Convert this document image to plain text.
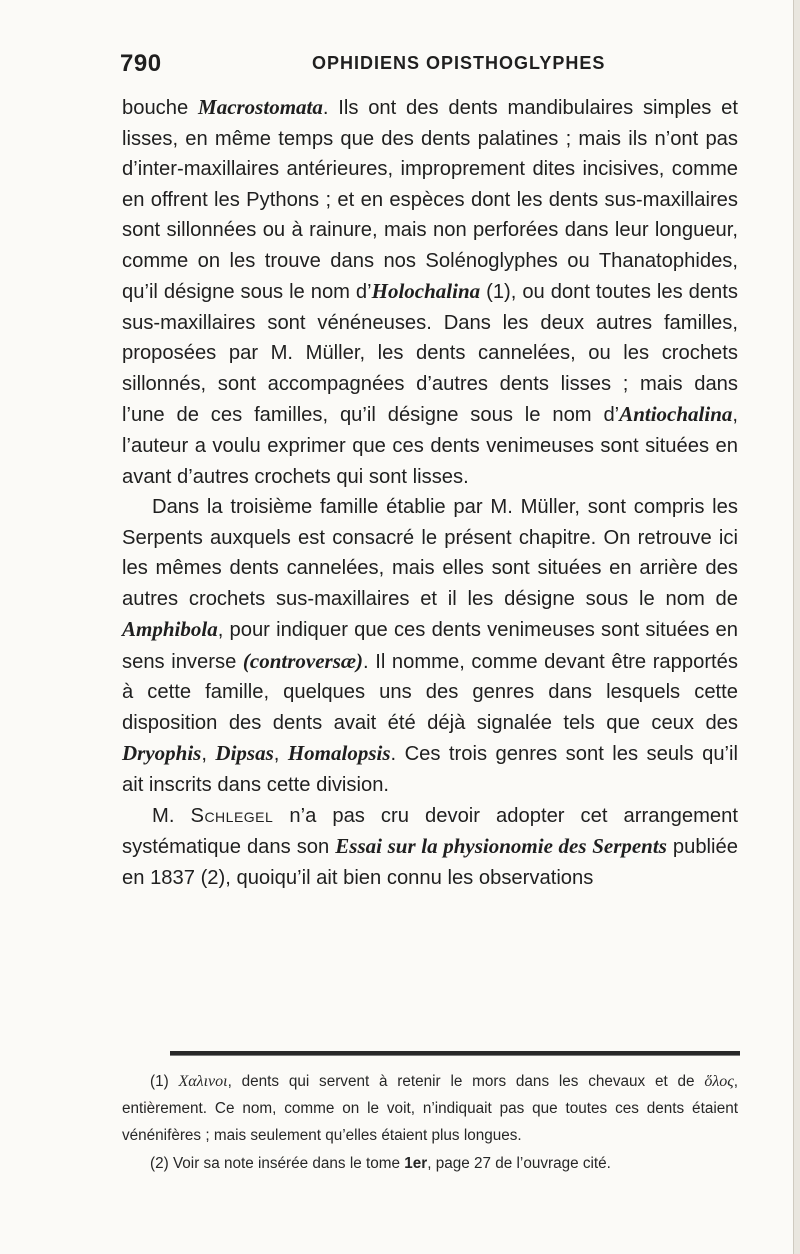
790	OPHIDIENS OPISTHOGLYPHES

bouche Macrostomata. Ils ont des dents mandibulaires simples et lisses, en même temps que des dents palatines ; mais ils n’ont pas d’inter-maxillaires antérieures, improprement dites incisives, comme en offrent les Pythons ; et en espèces dont les dents sus-maxillaires sont sillonnées ou à rainure, mais non perforées dans leur longueur, comme on les trouve dans nos Solénoglyphes ou Thanatophides, qu’il désigne sous le nom d’Holochalina (1), ou dont toutes les dents sus-maxillaires sont vénéneuses. Dans les deux autres familles, proposées par M. Müller, les dents cannelées, ou les crochets sillonnés, sont accompagnées d’autres dents lisses ; mais dans l’une de ces familles, qu’il désigne sous le nom d’Antiochalina, l’auteur a voulu exprimer que ces dents venimeuses sont situées en avant d’autres crochets qui sont lisses.

Dans la troisième famille établie par M. Müller, sont compris les Serpents auxquels est consacré le présent chapitre. On retrouve ici les mêmes dents cannelées, mais elles sont situées en arrière des autres crochets sus-maxillaires et il les désigne sous le nom de Amphibola, pour indiquer que ces dents venimeuses sont situées en sens inverse (controversæ). Il nomme, comme devant être rapportés à cette famille, quelques uns des genres dans lesquels cette disposition des dents avait été déjà signalée tels que ceux des Dryophis, Dipsas, Homalopsis. Ces trois genres sont les seuls qu’il ait inscrits dans cette division.

M. Schlegel n’a pas cru devoir adopter cet arrangement systématique dans son Essai sur la physionomie des Serpents publiée en 1837 (2), quoiqu’il ait bien connu les observations

(1) Χαλινοι, dents qui servent à retenir le mors dans les chevaux et de ὅλος, entièrement. Ce nom, comme on le voit, n’indiquait pas que toutes ces dents étaient vénénifères ; mais seulement qu’elles étaient plus longues.

(2) Voir sa note insérée dans le tome 1er, page 27 de l’ouvrage cité.
